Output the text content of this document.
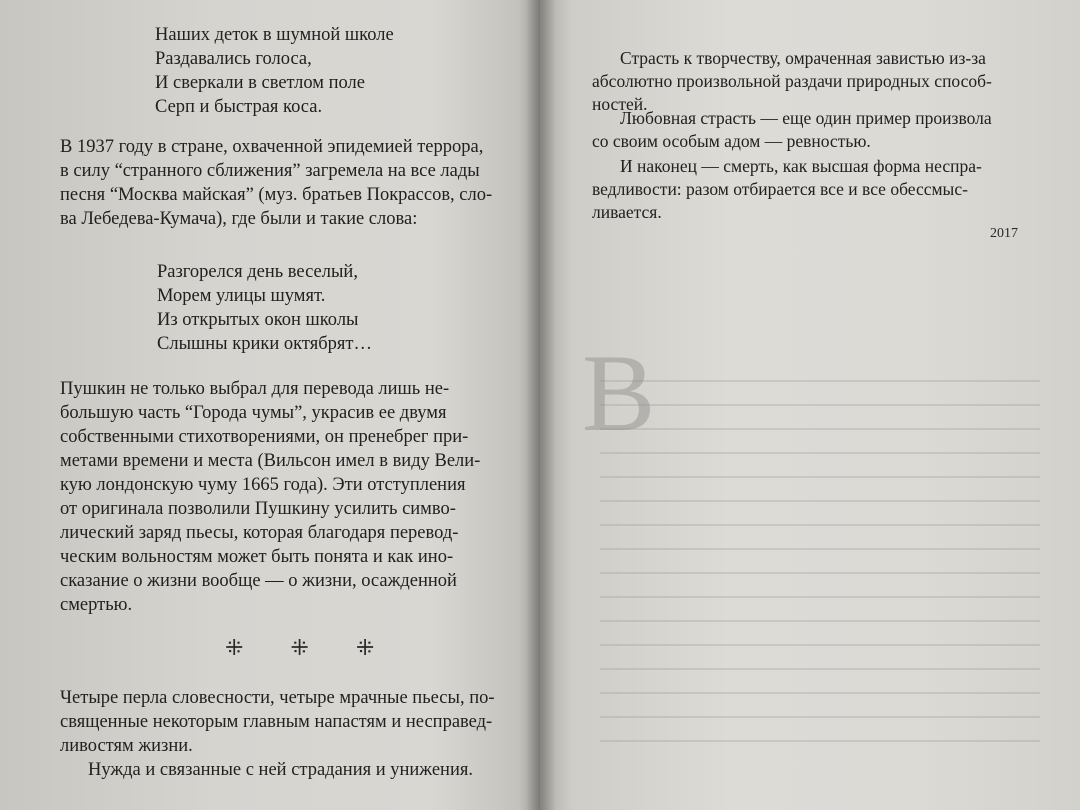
В
Наших деток в шумной школе
Раздавались голоса,
И сверкали в светлом поле
Серп и быстрая коса.
В 1937 году в стране, охваченной эпидемией террора,
в силу “странного сближения” загремела на все лады
песня “Москва майская” (муз. братьев Покрассов, сло-
ва Лебедева-Кумача), где были и такие слова:
Разгорелся день веселый,
Морем улицы шумят.
Из открытых окон школы
Слышны крики октябрят…
Пушкин не только выбрал для перевода лишь не-
большую часть “Города чумы”, украсив ее двумя
собственными стихотворениями, он пренебрег при-
метами времени и места (Вильсон имел в виду Вели-
кую лондонскую чуму 1665 года). Эти отступления
от оригинала позволили Пушкину усилить симво-
лический заряд пьесы, которая благодаря перевод-
ческим вольностям может быть понята и как ино-
сказание о жизни вообще — о жизни, осажденной
смертью.
⁜ ⁜ ⁜
Четыре перла словесности, четыре мрачные пьесы, по-
священные некоторым главным напастям и несправед-
ливостям жизни.
Нужда и связанные с ней страдания и унижения.
Страсть к творчеству, омраченная завистью из-за
абсолютно произвольной раздачи природных способ-
ностей.
Любовная страсть — еще один пример произвола
со своим особым адом — ревностью.
И наконец — смерть, как высшая форма неспра-
ведливости: разом отбирается все и все обессмыс-
ливается.
2017
